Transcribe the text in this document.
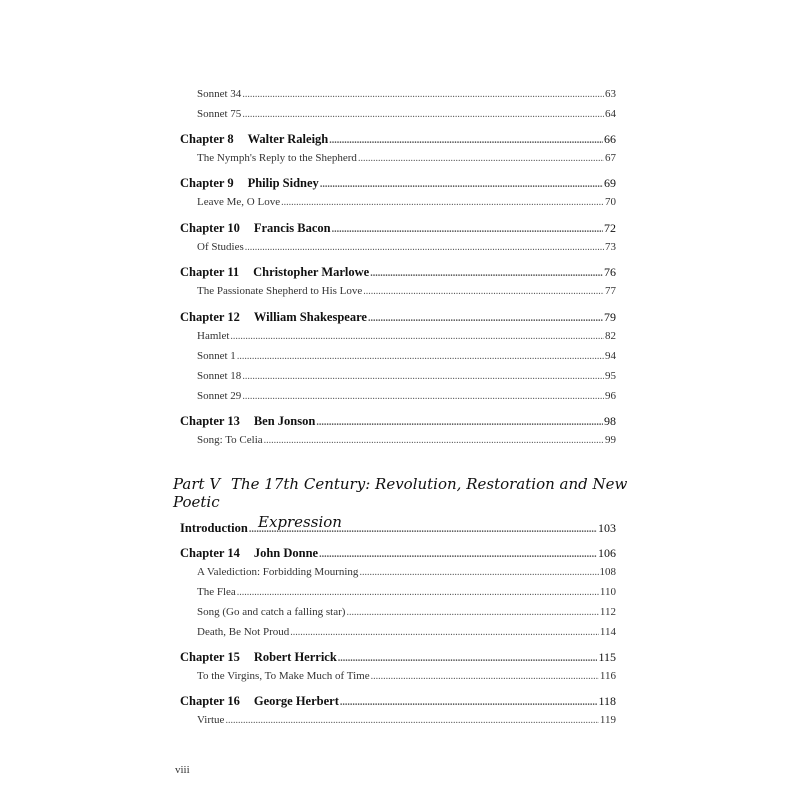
Sonnet 34 .....	63
Sonnet 75 .....	64
Chapter 8 Walter Raleigh .....	66
The Nymph's Reply to the Shepherd .....	67
Chapter 9 Philip Sidney .....	69
Leave Me, O Love .....	70
Chapter 10 Francis Bacon .....	72
Of Studies .....	73
Chapter 11 Christopher Marlowe .....	76
The Passionate Shepherd to His Love .....	77
Chapter 12 William Shakespeare .....	79
Hamlet .....	82
Sonnet 1 .....	94
Sonnet 18 .....	95
Sonnet 29 .....	96
Chapter 13 Ben Jonson .....	98
Song: To Celia .....	99
Part V The 17th Century: Revolution, Restoration and New Poetic
Expression
Introduction .....	103
Chapter 14 John Donne .....	106
A Valediction: Forbidding Mourning .....	108
The Flea .....	110
Song (Go and catch a falling star) .....	112
Death, Be Not Proud .....	114
Chapter 15 Robert Herrick .....	115
To the Virgins, To Make Much of Time .....	116
Chapter 16 George Herbert .....	118
Virtue .....	119
viii
